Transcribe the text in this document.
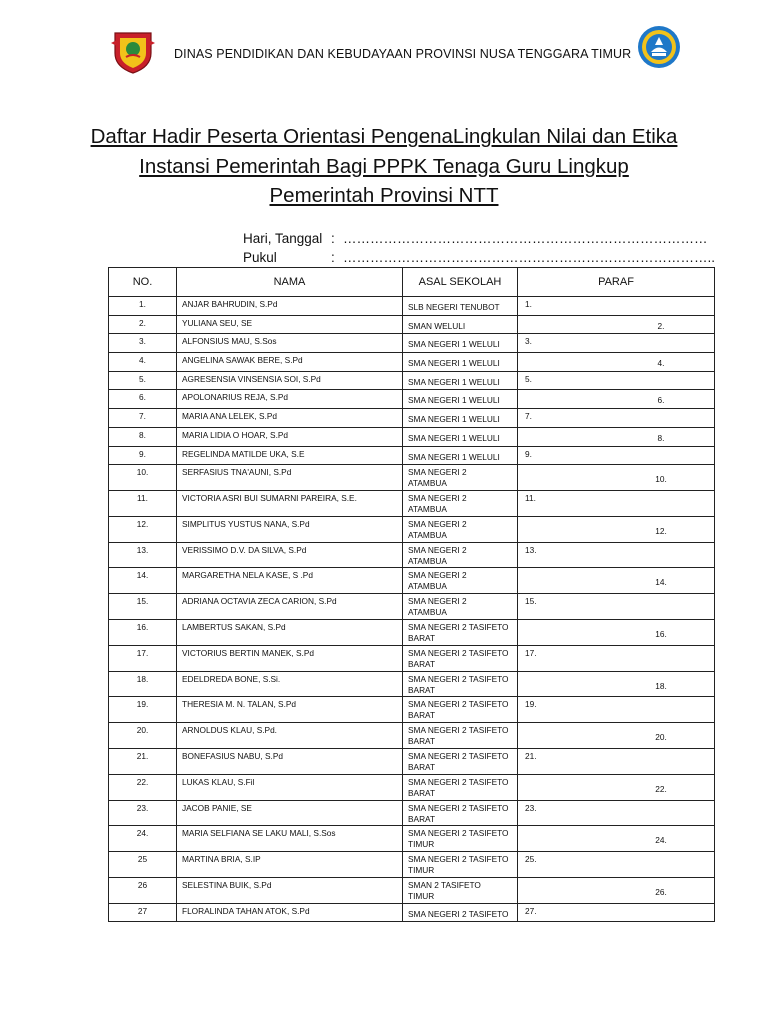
DINAS PENDIDIKAN DAN KEBUDAYAAN PROVINSI NUSA TENGGARA TIMUR
Daftar Hadir Peserta Orientasi PengenaLingkulan Nilai dan Etika
Instansi Pemerintah Bagi PPPK Tenaga Guru Lingkup
Pemerintah Provinsi NTT
Hari, Tanggal : ………………………………………………………………………
Pukul	: ………………………………………………………………………..
NO.	NAMA	ASAL SEKOLAH	PARAF
1.	ANJAR BAHRUDIN, S.Pd	SLB NEGERI TENUBOT	1.

2.	YULIANA SEU, SE	SMAN WELULI	2.

3.	ALFONSIUS MAU, S.Sos	SMA NEGERI 1 WELULI	3.

4.	ANGELINA SAWAK BERE, S.Pd	SMA NEGERI 1 WELULI	4.

5.	AGRESENSIA VINSENSIA SOI, S.Pd	SMA NEGERI 1 WELULI	5.

6.	APOLONARIUS REJA, S.Pd	SMA NEGERI 1 WELULI	6.

7.	MARIA ANA LELEK, S.Pd	SMA NEGERI 1 WELULI	7.

8.	MARIA LIDIA O HOAR, S.Pd	SMA NEGERI 1 WELULI	8.

9.	REGELINDA MATILDE UKA, S.E	SMA NEGERI 1 WELULI	9.

10.	SERFASIUS TNA'AUNI, S.Pd	SMA NEGERI 2
ATAMBUA	10.

11.	VICTORIA ASRI BUI SUMARNI PAREIRA, S.E.	SMA NEGERI 2
ATAMBUA	11.

12.	SIMPLITUS YUSTUS NANA, S.Pd	SMA NEGERI 2
ATAMBUA	12.

13.	VERISSIMO D.V. DA SILVA, S.Pd	SMA NEGERI 2
ATAMBUA	13.

14.	MARGARETHA NELA KASE, S .Pd	SMA NEGERI 2
ATAMBUA	14.

15.	ADRIANA OCTAVIA ZECA CARION, S.Pd	SMA NEGERI 2
ATAMBUA	15.

16.	LAMBERTUS SAKAN, S.Pd	SMA NEGERI 2 TASIFETO
BARAT	16.

17.	VICTORIUS BERTIN MANEK, S.Pd	SMA NEGERI 2 TASIFETO
BARAT	17.

18.	EDELDREDA BONE, S.Si.	SMA NEGERI 2 TASIFETO
BARAT	18.

19.	THERESIA M. N. TALAN, S.Pd	SMA NEGERI 2 TASIFETO
BARAT	19.

20.	ARNOLDUS KLAU, S.Pd.	SMA NEGERI 2 TASIFETO
BARAT	20.

21.	BONEFASIUS NABU, S.Pd	SMA NEGERI 2 TASIFETO
BARAT	21.

22.	LUKAS KLAU, S.Fil	SMA NEGERI 2 TASIFETO
BARAT	22.

23.	JACOB PANIE, SE	SMA NEGERI 2 TASIFETO
BARAT	23.

24.	MARIA SELFIANA SE LAKU MALI, S.Sos	SMA NEGERI 2 TASIFETO
TIMUR	24.

25	MARTINA BRIA, S.IP	SMA NEGERI 2 TASIFETO
TIMUR	25.

26	SELESTINA BUIK, S.Pd	SMAN 2 TASIFETO
TIMUR	26.

27	FLORALINDA TAHAN ATOK, S.Pd	SMA NEGERI 2 TASIFETO	27.
